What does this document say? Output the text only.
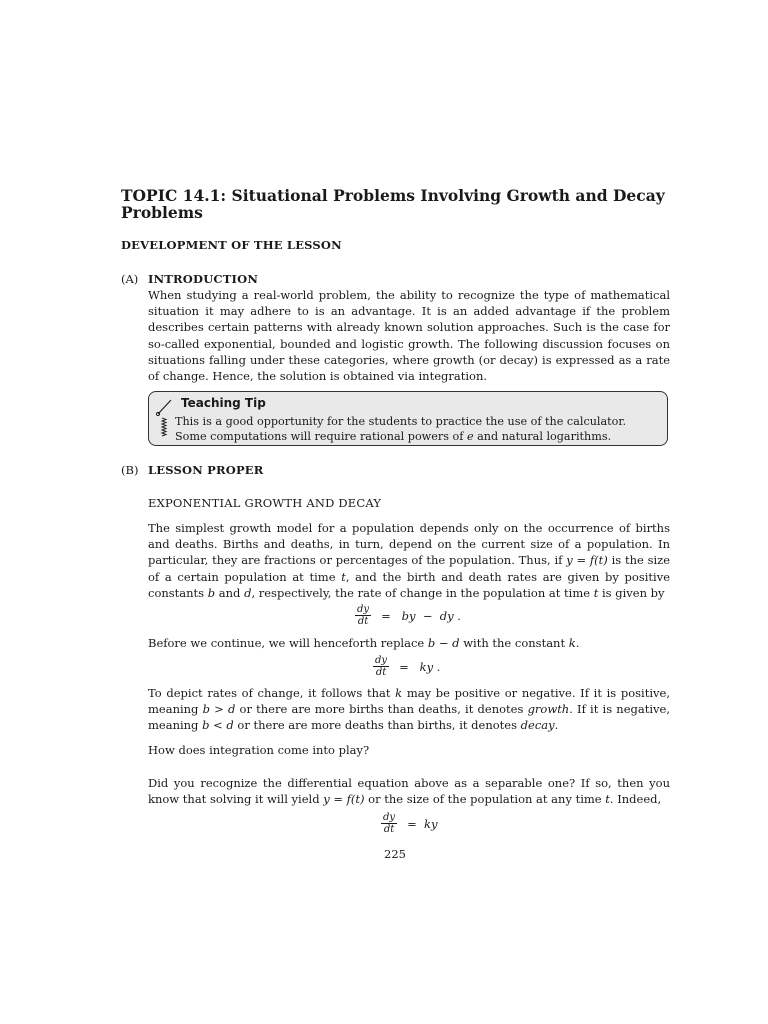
TOPIC 14.1: Situational Problems Involving Growth and Decay Problems
DEVELOPMENT OF THE LESSON
(A) INTRODUCTION
When studying a real-world problem, the ability to recognize the type of mathematical situation it may adhere to is an advantage. It is an added advantage if the problem describes certain patterns with already known solution approaches. Such is the case for so-called exponential, bounded and logistic growth. The following discussion focuses on situations falling under these categories, where growth (or decay) is expressed as a rate of change. Hence, the solution is obtained via integration.
Teaching Tip
This is a good opportunity for the students to practice the use of the calculator.
Some computations will require rational powers of e and natural logarithms.
(B) LESSON PROPER
EXPONENTIAL GROWTH AND DECAY
The simplest growth model for a population depends only on the occurrence of births and deaths. Births and deaths, in turn, depend on the current size of a population. In particular, they are fractions or percentages of the population. Thus, if y = f(t) is the size of a certain population at time t, and the birth and death rates are given by positive constants b and d, respectively, the rate of change in the population at time t is given by
$\frac{dy}{dt}$ =   by  −  dy .
Before we continue, we will henceforth replace b − d with the constant k.
$\frac{dy}{dt}$ =   ky .
To depict rates of change, it follows that k may be positive or negative. If it is positive, meaning b > d or there are more births than deaths, it denotes growth. If it is negative, meaning b < d or there are more deaths than births, it denotes decay.
How does integration come into play?
Did you recognize the differential equation above as a separable one? If so, then you know that solving it will yield y = f(t) or the size of the population at any time t. Indeed,
$\frac{dy}{dt}$ =  ky
225
